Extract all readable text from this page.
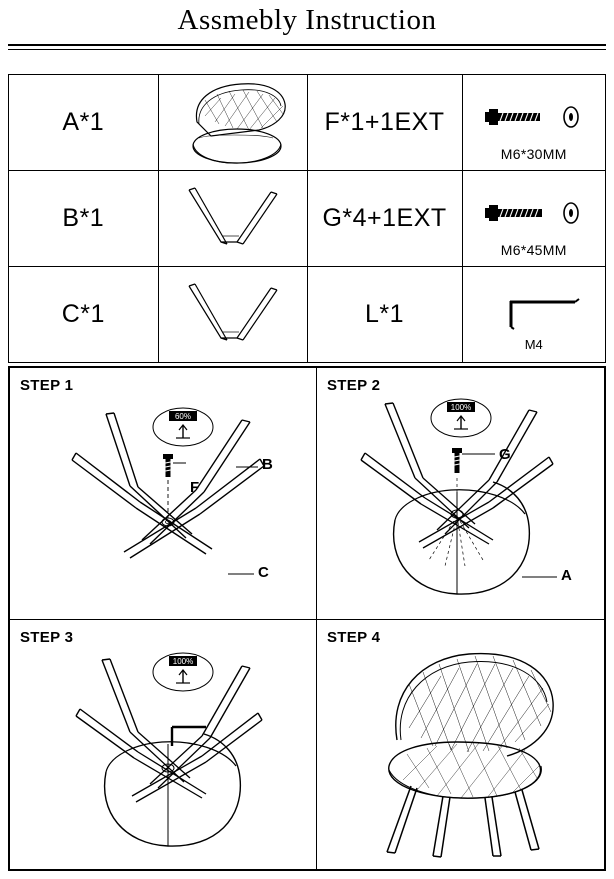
Assmebly Instruction
A*1		F*1+1EXT	M6*30MM

B*1		G*4+1EXT	M6*45MM

C*1		L*1	M4
STEP 1
60%
F
B
C
STEP 2
100%
G
A
STEP 3
100%
STEP 4
